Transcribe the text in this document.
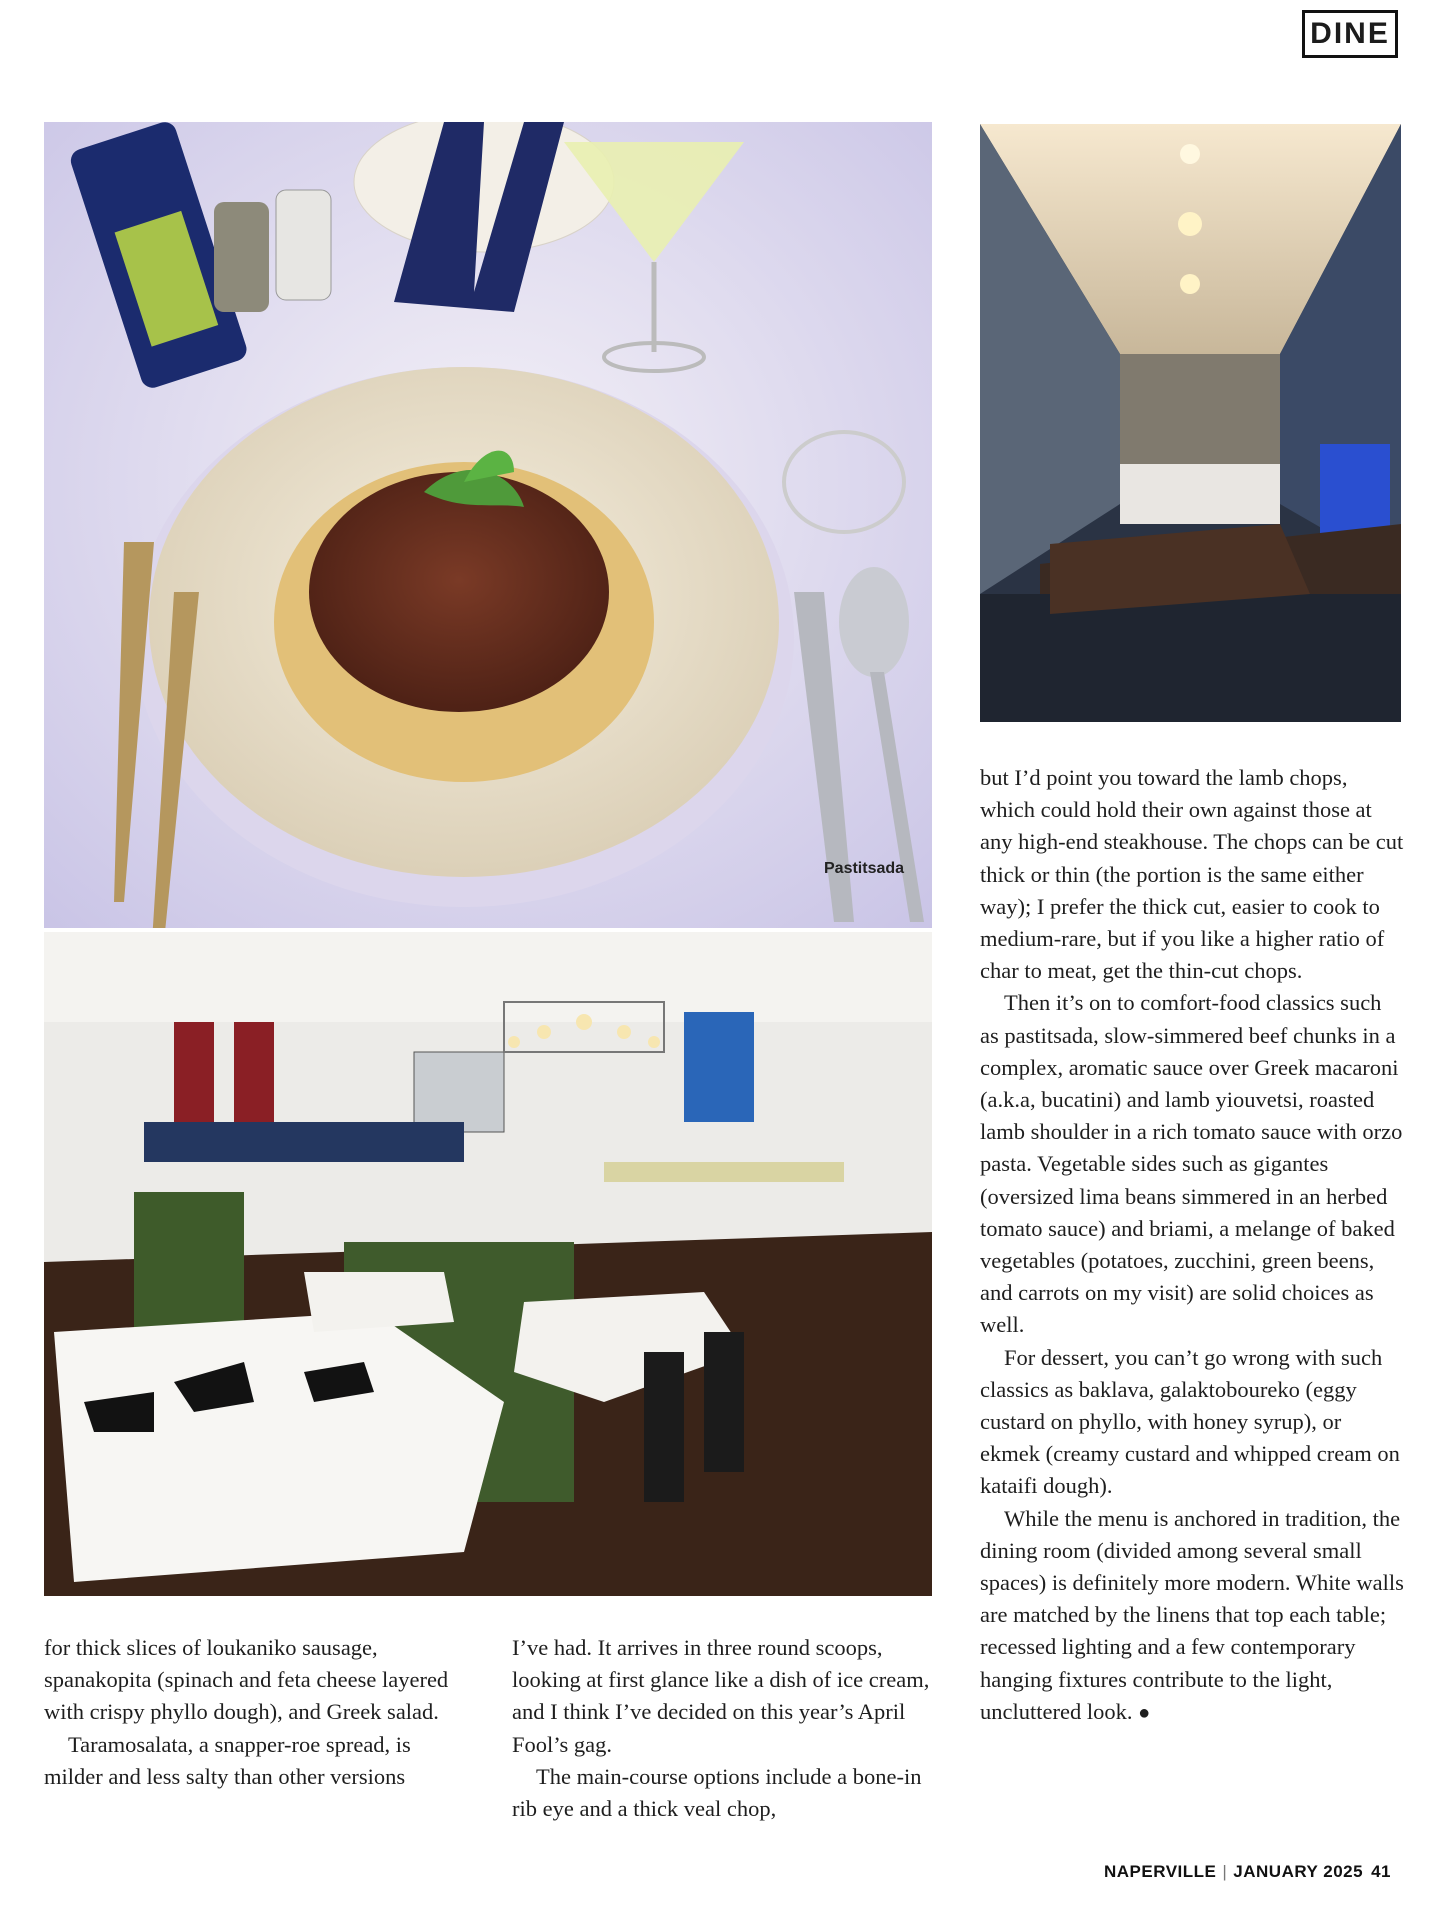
DINE
Pastitsada

for thick slices of loukaniko sausage, spanakopita (spinach and feta cheese layered with crispy phyllo dough), and Greek salad.

Taramosalata, a snapper-roe spread, is milder and less salty than other versions

I’ve had. It arrives in three round scoops, looking at first glance like a dish of ice cream, and I think I’ve decided on this year’s April Fool’s gag.

The main-course options include a bone-in rib eye and a thick veal chop,

but I’d point you toward the lamb chops, which could hold their own against those at any high-end steakhouse. The chops can be cut thick or thin (the portion is the same either way); I prefer the thick cut, easier to cook to medium-rare, but if you like a higher ratio of char to meat, get the thin-cut chops.

Then it’s on to comfort-food classics such as pastitsada, slow-simmered beef chunks in a complex, aromatic sauce over Greek macaroni (a.k.a, bucatini) and lamb yiouvetsi, roasted lamb shoulder in a rich tomato sauce with orzo pasta. Vegetable sides such as gigantes (oversized lima beans simmered in an herbed tomato sauce) and briami, a melange of baked vegetables (potatoes, zucchini, green beens, and carrots on my visit) are solid choices as well.

For dessert, you can’t go wrong with such classics as baklava, galaktoboureko (eggy custard on phyllo, with honey syrup), or ekmek (creamy custard and whipped cream on kataifi dough).

While the menu is anchored in tradition, the dining room (divided among several small spaces) is definitely more modern. White walls are matched by the linens that top each table; recessed lighting and a few contemporary hanging fixtures contribute to the light, uncluttered look. ●

NAPERVILLE | JANUARY 2025 41
